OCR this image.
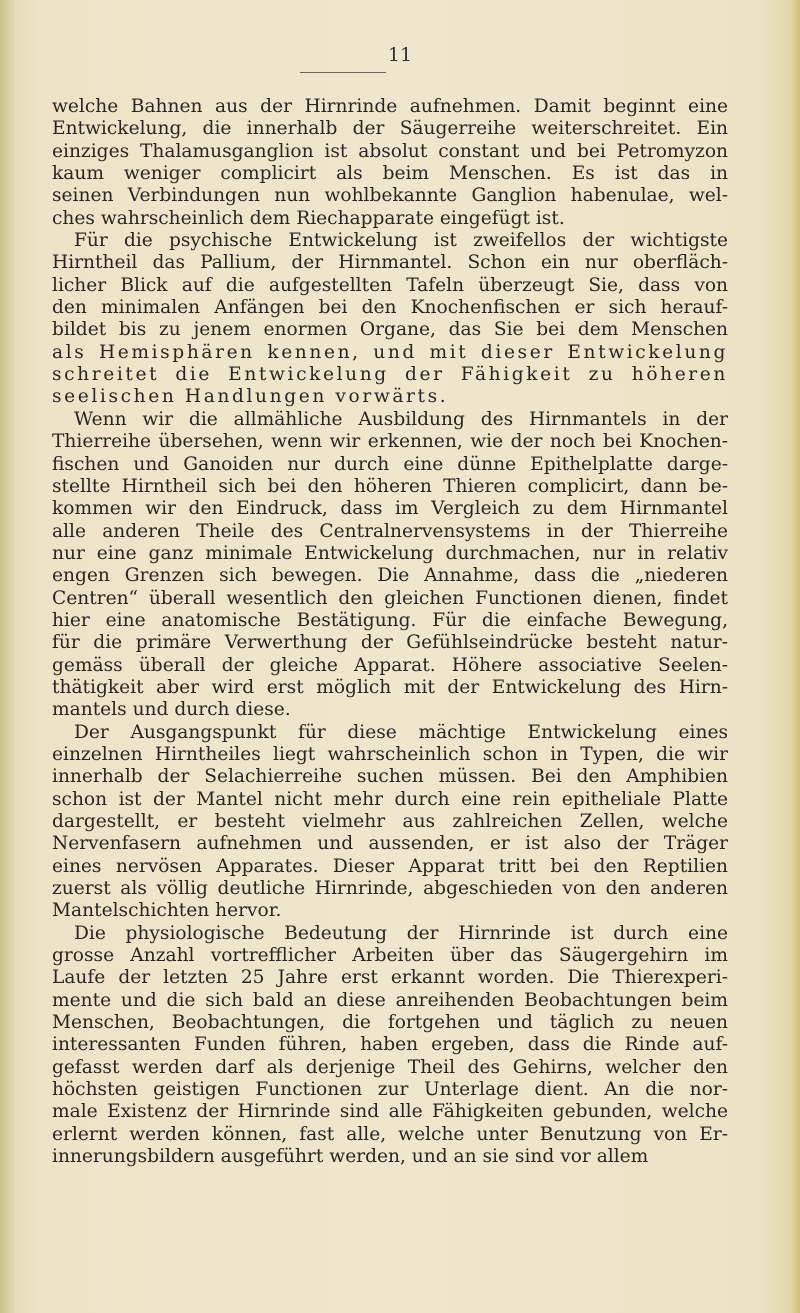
11
welche Bahnen aus der Hirnrinde aufnehmen. Damit beginnt eine
Entwickelung, die innerhalb der Säugerreihe weiterschreitet. Ein
einziges Thalamusganglion ist absolut constant und bei Petromyzon
kaum weniger complicirt als beim Menschen. Es ist das in
seinen Verbindungen nun wohlbekannte Ganglion habenulae, wel-
ches wahrscheinlich dem Riechapparate eingefügt ist.
Für die psychische Entwickelung ist zweifellos der wichtigste
Hirntheil das Pallium, der Hirnmantel. Schon ein nur oberfläch-
licher Blick auf die aufgestellten Tafeln überzeugt Sie, dass von
den minimalen Anfängen bei den Knochenfischen er sich herauf-
bildet bis zu jenem enormen Organe, das Sie bei dem Menschen
als Hemisphären kennen, und mit dieser Entwickelung
schreitet die Entwickelung der Fähigkeit zu höheren
seelischen Handlungen vorwärts.
Wenn wir die allmähliche Ausbildung des Hirnmantels in der
Thierreihe übersehen, wenn wir erkennen, wie der noch bei Knochen-
fischen und Ganoiden nur durch eine dünne Epithelplatte darge-
stellte Hirntheil sich bei den höheren Thieren complicirt, dann be-
kommen wir den Eindruck, dass im Vergleich zu dem Hirnmantel
alle anderen Theile des Centralnervensystems in der Thierreihe
nur eine ganz minimale Entwickelung durchmachen, nur in relativ
engen Grenzen sich bewegen. Die Annahme, dass die „niederen
Centren“ überall wesentlich den gleichen Functionen dienen, findet
hier eine anatomische Bestätigung. Für die einfache Bewegung,
für die primäre Verwerthung der Gefühlseindrücke besteht natur-
gemäss überall der gleiche Apparat. Höhere associative Seelen-
thätigkeit aber wird erst möglich mit der Entwickelung des Hirn-
mantels und durch diese.
Der Ausgangspunkt für diese mächtige Entwickelung eines
einzelnen Hirntheiles liegt wahrscheinlich schon in Typen, die wir
innerhalb der Selachierreihe suchen müssen. Bei den Amphibien
schon ist der Mantel nicht mehr durch eine rein epitheliale Platte
dargestellt, er besteht vielmehr aus zahlreichen Zellen, welche
Nervenfasern aufnehmen und aussenden, er ist also der Träger
eines nervösen Apparates. Dieser Apparat tritt bei den Reptilien
zuerst als völlig deutliche Hirnrinde, abgeschieden von den anderen
Mantelschichten hervor.
Die physiologische Bedeutung der Hirnrinde ist durch eine
grosse Anzahl vortrefflicher Arbeiten über das Säugergehirn im
Laufe der letzten 25 Jahre erst erkannt worden. Die Thierexperi-
mente und die sich bald an diese anreihenden Beobachtungen beim
Menschen, Beobachtungen, die fortgehen und täglich zu neuen
interessanten Funden führen, haben ergeben, dass die Rinde auf-
gefasst werden darf als derjenige Theil des Gehirns, welcher den
höchsten geistigen Functionen zur Unterlage dient. An die nor-
male Existenz der Hirnrinde sind alle Fähigkeiten gebunden, welche
erlernt werden können, fast alle, welche unter Benutzung von Er-
innerungsbildern ausgeführt werden, und an sie sind vor allem
